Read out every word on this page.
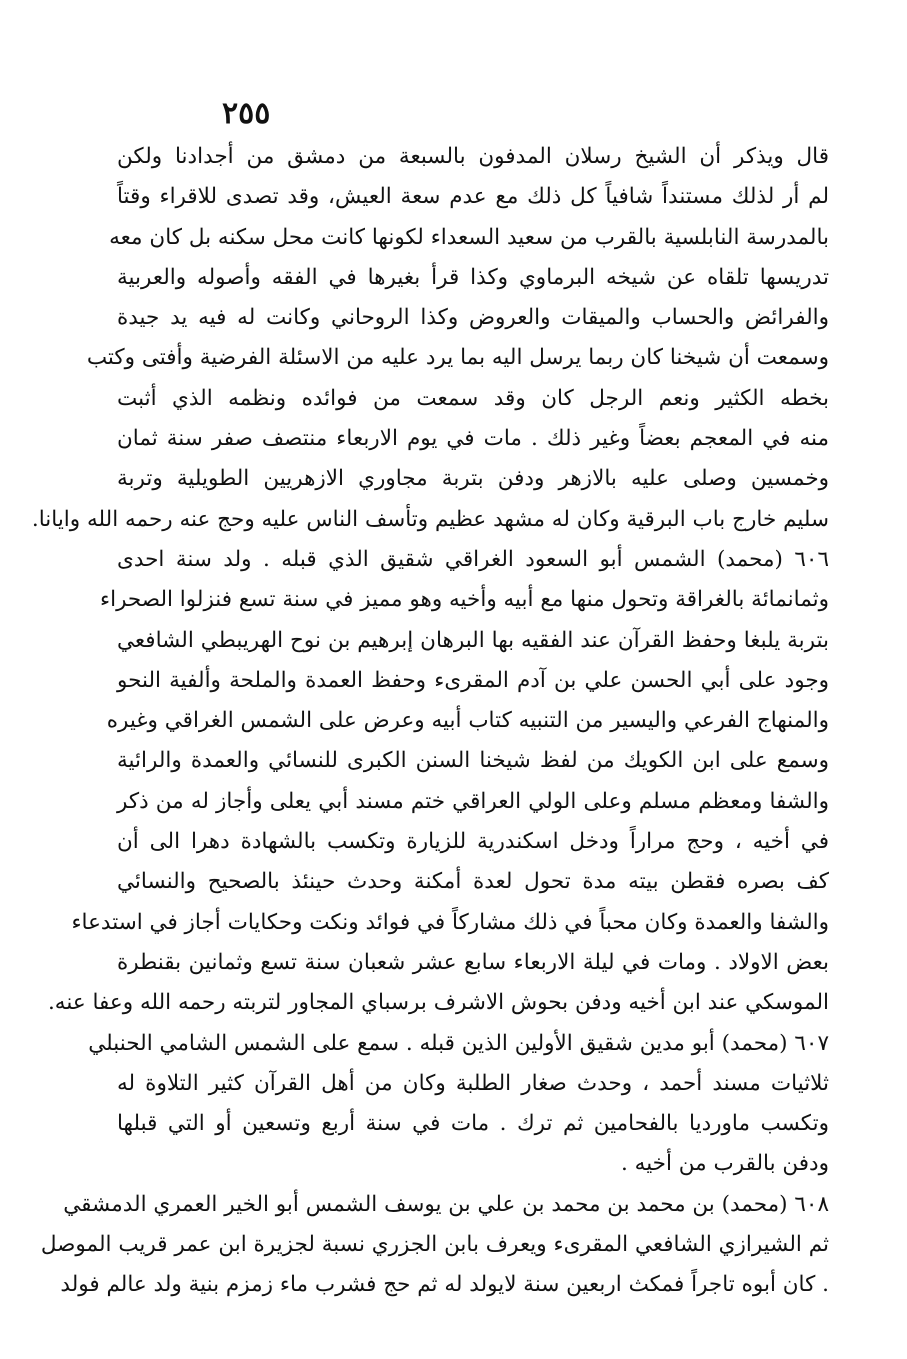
٢٥٥
قال ويذكر أن الشيخ رسلان المدفون بالسبعة من دمشق من أجدادنا ولكن
لم أر لذلك مستنداً شافياً كل ذلك مع عدم سعة العيش، وقد تصدى للاقراء وقتاً
بالمدرسة النابلسية بالقرب من سعيد السعداء لكونها كانت محل سكنه بل كان معه
تدريسها تلقاه عن شيخه البرماوي وكذا قرأ بغيرها في الفقه وأصوله والعربية
والفرائض والحساب والميقات والعروض وكذا الروحاني وكانت له فيه يد جيدة
وسمعت أن شيخنا كان ربما يرسل اليه بما يرد عليه من الاسئلة الفرضية وأفتى وكتب
بخطه الكثير ونعم الرجل كان وقد سمعت من فوائده ونظمه الذي أثبت
منه في المعجم بعضاً وغير ذلك . مات في يوم الاربعاء منتصف صفر سنة ثمان
وخمسين وصلى عليه بالازهر ودفن بتربة مجاوري الازهريين الطويلية وتربة
سليم خارج باب البرقية وكان له مشهد عظيم وتأسف الناس عليه وحج عنه رحمه الله وايانا.
٦٠٦ (محمد) الشمس أبو السعود الغراقي شقيق الذي قبله . ولد سنة احدى
وثمانمائة بالغراقة وتحول منها مع أبيه وأخيه وهو مميز في سنة تسع فنزلوا الصحراء
بتربة يلبغا وحفظ القرآن عند الفقيه بها البرهان إبرهيم بن نوح الهريبطي الشافعي
وجود على أبي الحسن علي بن آدم المقرىء وحفظ العمدة والملحة وألفية النحو
والمنهاج الفرعي واليسير من التنبيه كتاب أبيه وعرض على الشمس الغراقي وغيره
وسمع على ابن الكويك من لفظ شيخنا السنن الكبرى للنسائي والعمدة والرائية
والشفا ومعظم مسلم وعلى الولي العراقي ختم مسند أبي يعلى وأجاز له من ذكر
في أخيه ، وحج مراراً ودخل اسكندرية للزيارة وتكسب بالشهادة دهرا الى أن
كف بصره فقطن بيته مدة تحول لعدة أمكنة وحدث حينئذ بالصحيح والنسائي
والشفا والعمدة وكان محباً في ذلك مشاركاً في فوائد ونكت وحكايات أجاز في استدعاء
بعض الاولاد . ومات في ليلة الاربعاء سابع عشر شعبان سنة تسع وثمانين بقنطرة
الموسكي عند ابن أخيه ودفن بحوش الاشرف برسباي المجاور لتربته رحمه الله وعفا عنه.
٦٠٧ (محمد) أبو مدين شقيق الأولين الذين قبله . سمع على الشمس الشامي الحنبلي
ثلاثيات مسند أحمد ، وحدث صغار الطلبة وكان من أهل القرآن كثير التلاوة له
وتكسب ماورديا بالفحامين ثم ترك . مات في سنة أربع وتسعين أو التي قبلها
ودفن بالقرب من أخيه .
٦٠٨ (محمد) بن محمد بن محمد بن علي بن يوسف الشمس أبو الخير العمري الدمشقي
ثم الشيرازي الشافعي المقرىء ويعرف بابن الجزري نسبة لجزيرة ابن عمر قريب الموصل
. كان أبوه تاجراً فمكث اربعين سنة لايولد له ثم حج فشرب ماء زمزم بنية ولد عالم فولد
